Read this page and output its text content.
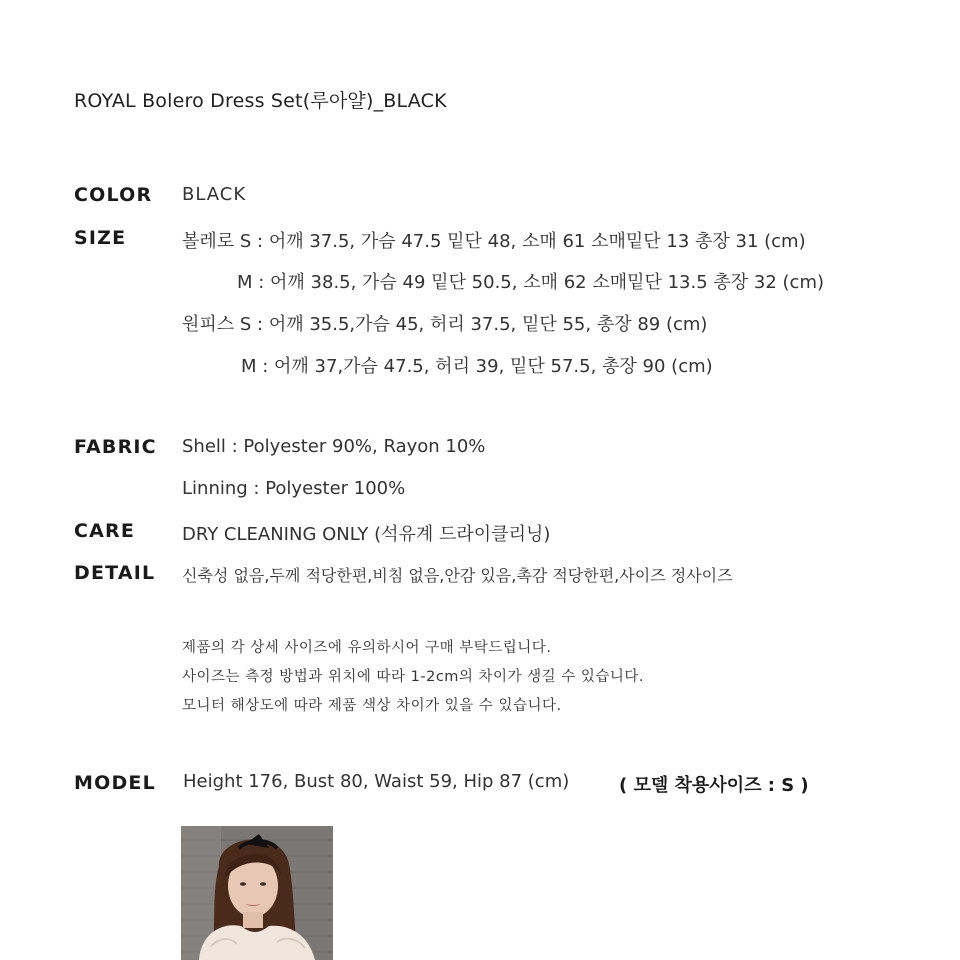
ROYAL Bolero Dress Set(루아얄)_BLACK
COLOR BLACK
SIZE	볼레로 S : 어깨 37.5, 가슴 47.5 밑단 48, 소매 61 소매밑단 13 총장 31 (cm)
M : 어깨 38.5, 가슴 49 밑단 50.5, 소매 62 소매밑단 13.5 총장 32 (cm)
원피스 S : 어깨 35.5,가슴 45, 허리 37.5, 밑단 55, 총장 89 (cm)
M : 어깨 37,가슴 47.5, 허리 39, 밑단 57.5, 총장 90 (cm)
FABRIC Shell : Polyester 90%, Rayon 10%
Linning : Polyester 100%
CARE	DRY CLEANING ONLY (석유계 드라이클리닝)
DETAIL 신축성 없음,두께 적당한편,비침 없음,안감 있음,촉감 적당한편,사이즈 정사이즈
제품의 각 상세 사이즈에 유의하시어 구매 부탁드립니다.
사이즈는 측정 방법과 위치에 따라 1-2cm의 차이가 생길 수 있습니다.
모니터 해상도에 따라 제품 색상 차이가 있을 수 있습니다.
MODEL Height 176, Bust 80, Waist 59, Hip 87 (cm)	( 모델 착용사이즈 : S )
